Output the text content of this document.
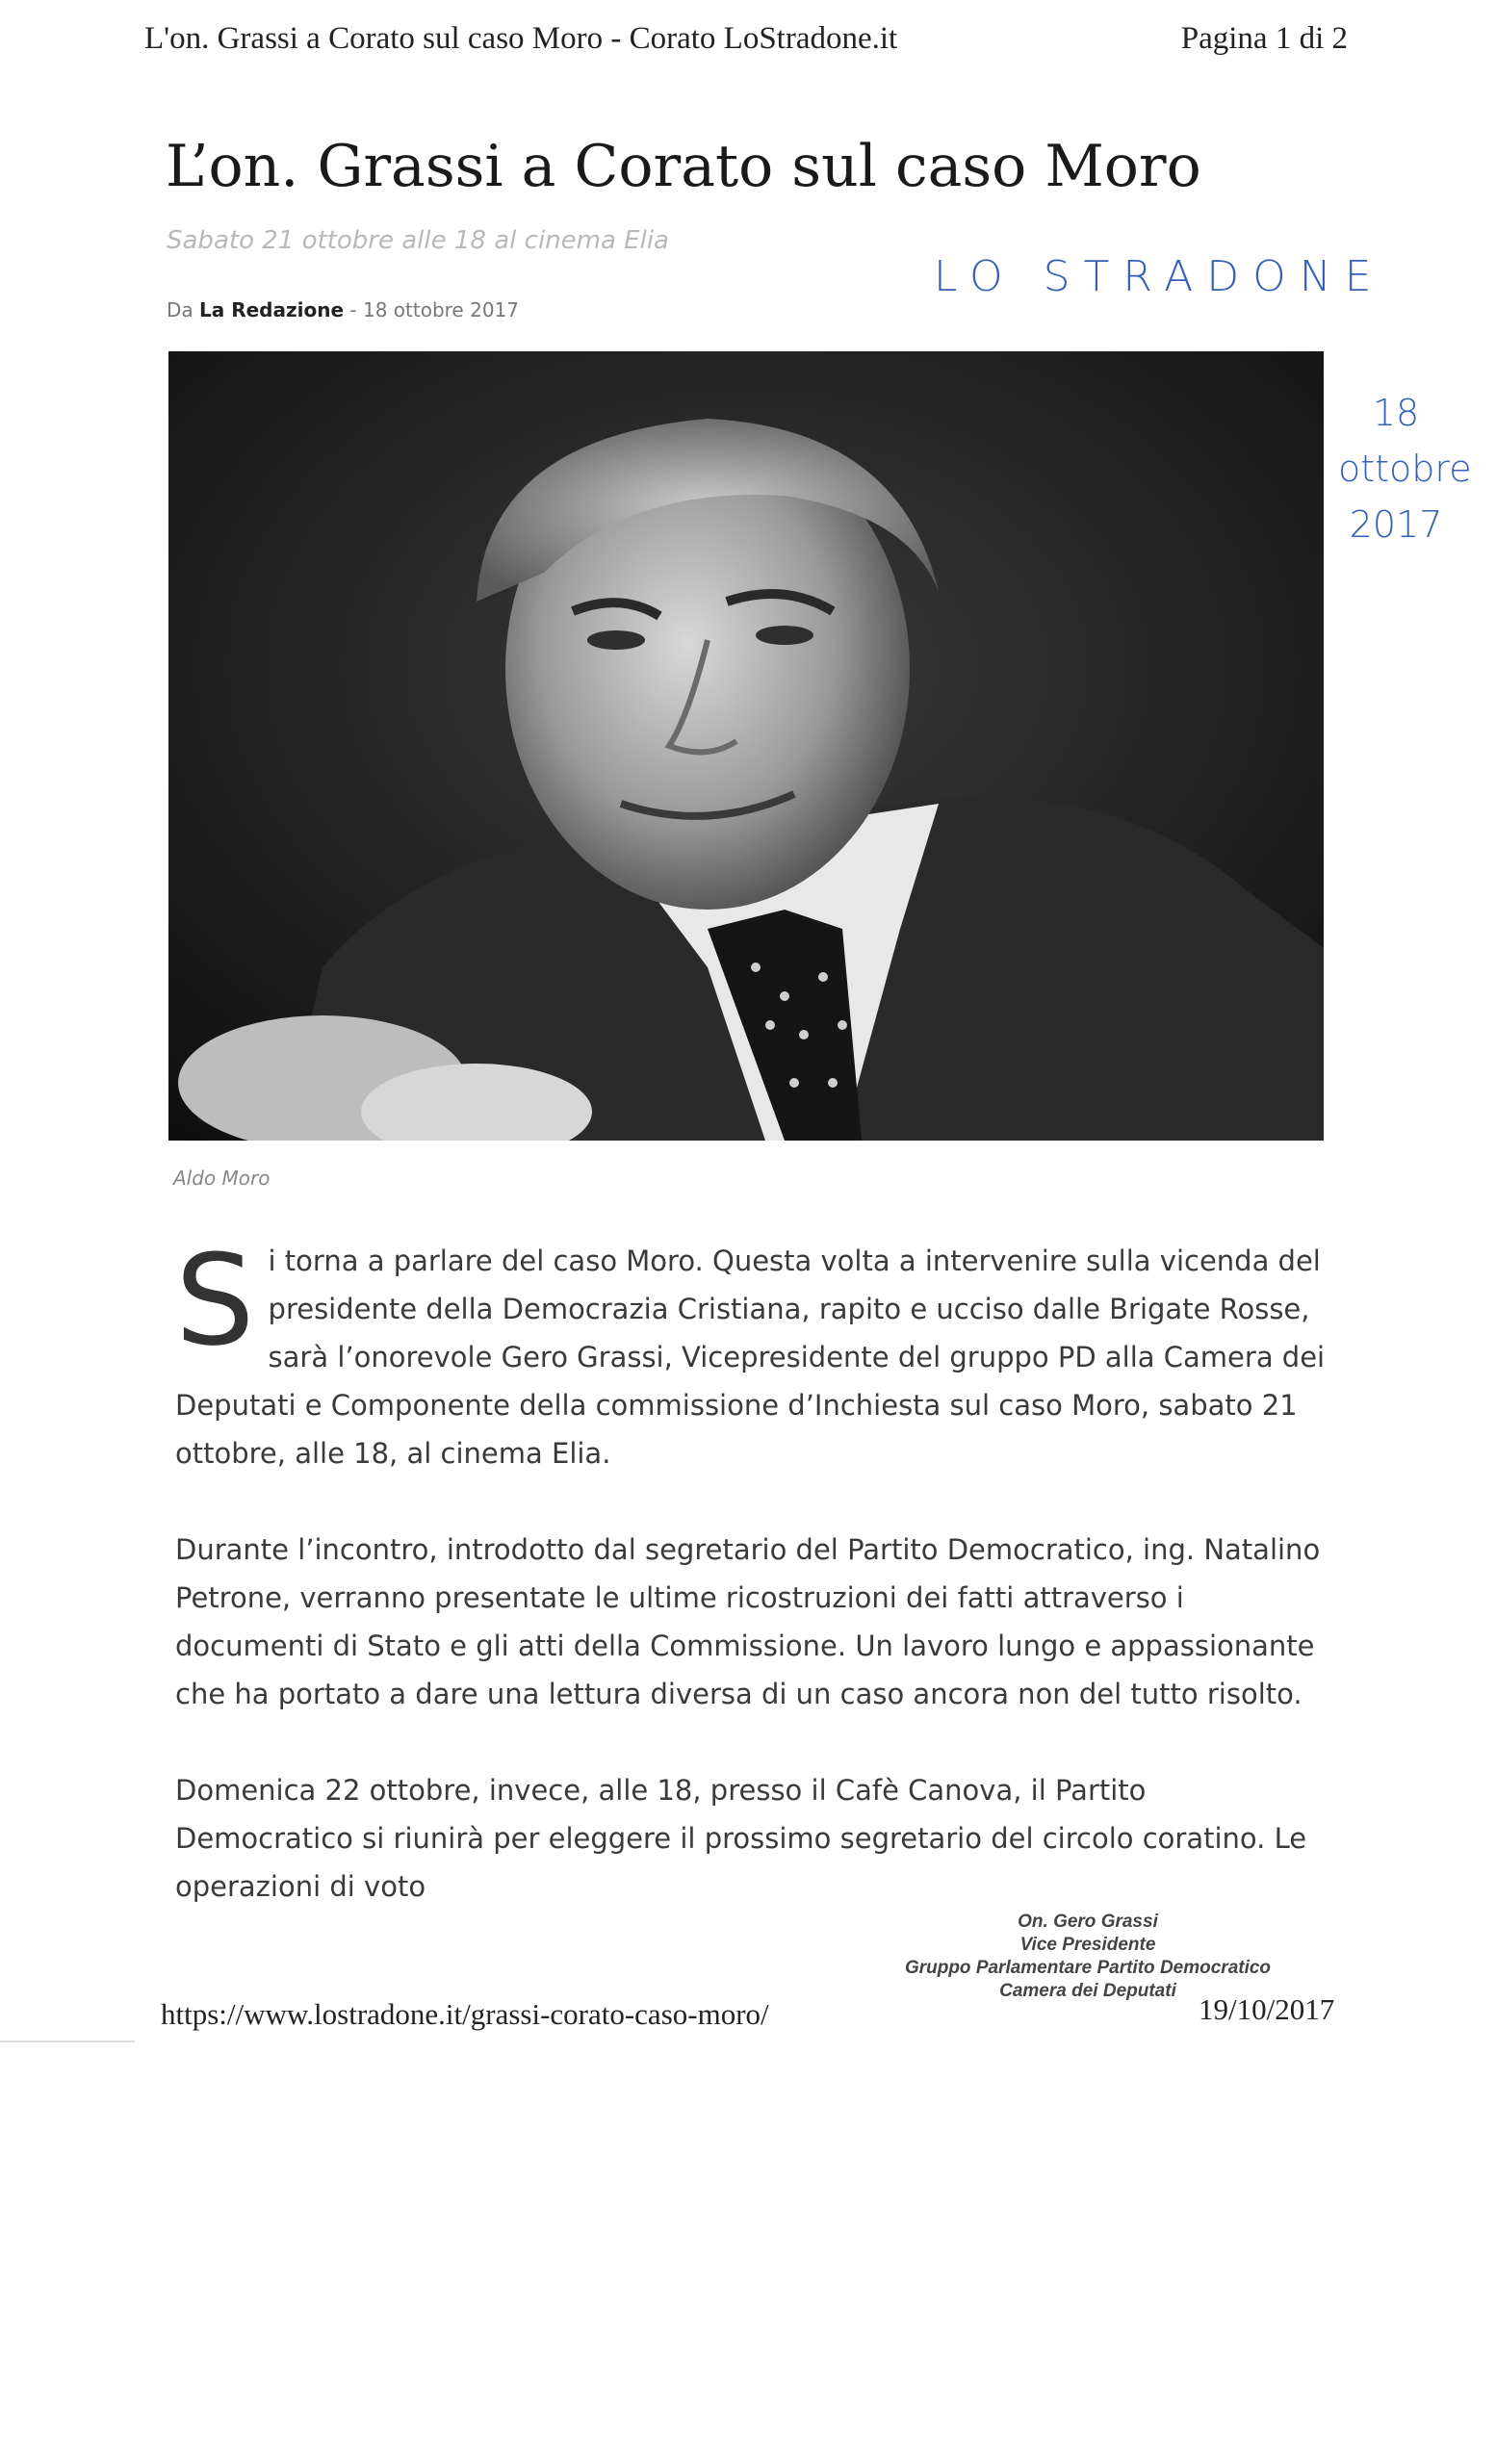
L'on. Grassi a Corato sul caso Moro - Corato LoStradone.it	Pagina 1 di 2
L’on. Grassi a Corato sul caso Moro
Sabato 21 ottobre alle 18 al cinema Elia
Da La Redazione - 18 ottobre 2017
LO STRADONE
18
ottobre
2017
Aldo Moro

S i torna a parlare del caso Moro. Questa volta a intervenire sulla vicenda del presidente della Democrazia Cristiana, rapito e ucciso dalle Brigate Rosse, sarà l’onorevole Gero Grassi, Vicepresidente del gruppo PD alla Camera dei Deputati e Componente della commissione d’Inchiesta sul caso Moro, sabato 21 ottobre, alle 18, al cinema Elia.

Durante l’incontro, introdotto dal segretario del Partito Democratico, ing. Natalino Petrone, verranno presentate le ultime ricostruzioni dei fatti attraverso i documenti di Stato e gli atti della Commissione. Un lavoro lungo e appassionante che ha portato a dare una lettura diversa di un caso ancora non del tutto risolto.

Domenica 22 ottobre, invece, alle 18, presso il Cafè Canova, il Partito Democratico si riunirà per eleggere il prossimo segretario del circolo coratino. Le operazioni di voto

On. Gero Grassi
Vice Presidente
Gruppo Parlamentare Partito Democratico
Camera dei Deputati
https://www.lostradone.it/grassi-corato-caso-moro/	19/10/2017
